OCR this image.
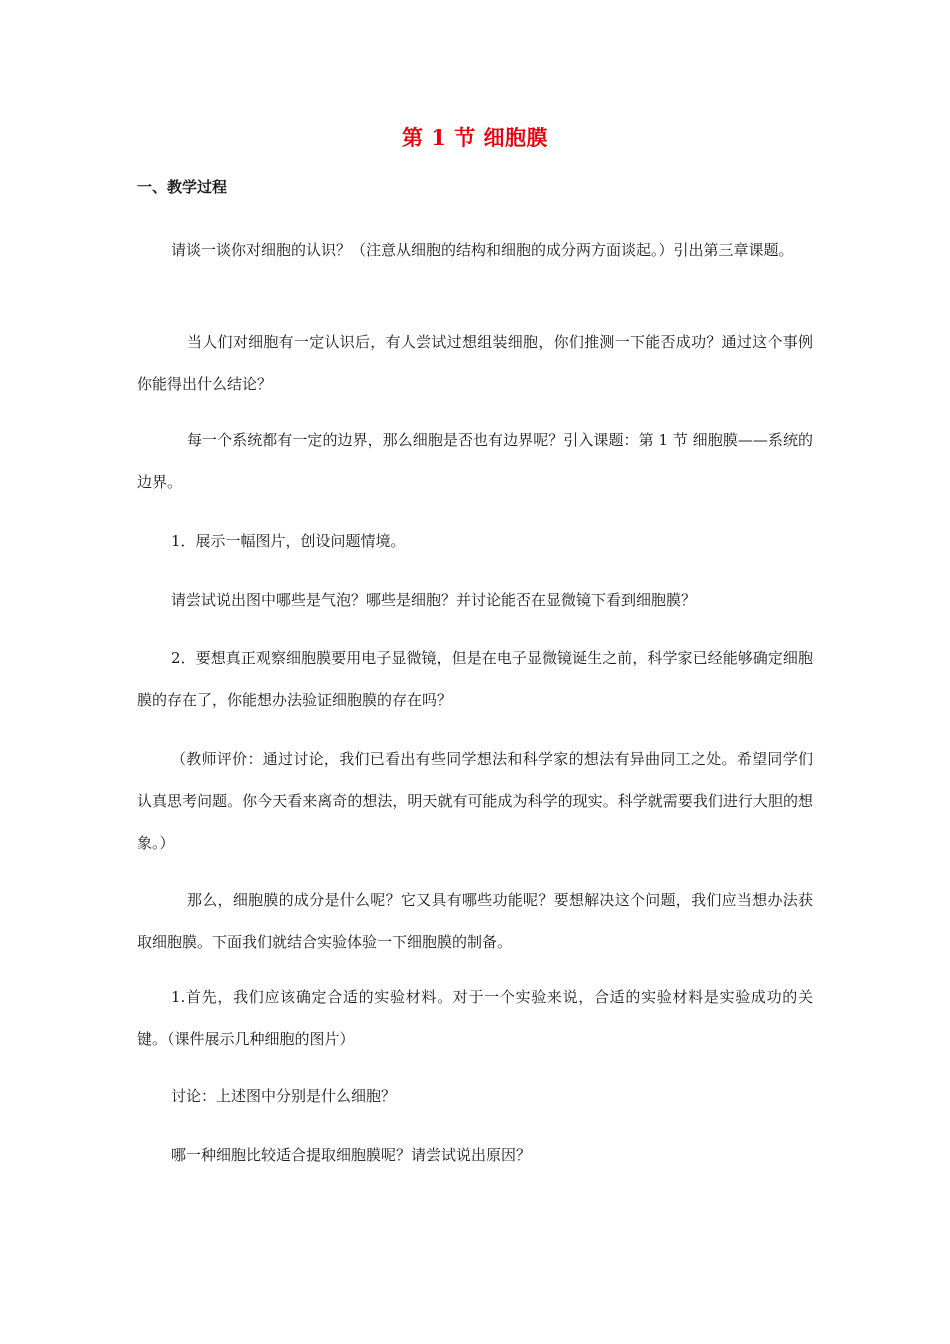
第 1 节 细胞膜
一、教学过程

请谈一谈你对细胞的认识？（注意从细胞的结构和细胞的成分两方面谈起。）引出第三章课题。

当人们对细胞有一定认识后，有人尝试过想组装细胞，你们推测一下能否成功？通过这个事例你能得出什么结论？

每一个系统都有一定的边界，那么细胞是否也有边界呢？引入课题：第 1 节 细胞膜——系统的边界。

1．展示一幅图片，创设问题情境。

请尝试说出图中哪些是气泡？哪些是细胞？并讨论能否在显微镜下看到细胞膜？

2．要想真正观察细胞膜要用电子显微镜，但是在电子显微镜诞生之前，科学家已经能够确定细胞膜的存在了，你能想办法验证细胞膜的存在吗？

（教师评价：通过讨论，我们已看出有些同学想法和科学家的想法有异曲同工之处。希望同学们认真思考问题。你今天看来离奇的想法，明天就有可能成为科学的现实。科学就需要我们进行大胆的想象。）

那么，细胞膜的成分是什么呢？它又具有哪些功能呢？要想解决这个问题，我们应当想办法获取细胞膜。下面我们就结合实验体验一下细胞膜的制备。

1.首先，我们应该确定合适的实验材料。对于一个实验来说，合适的实验材料是实验成功的关键。（课件展示几种细胞的图片）

讨论：上述图中分别是什么细胞？

哪一种细胞比较适合提取细胞膜呢？请尝试说出原因？
